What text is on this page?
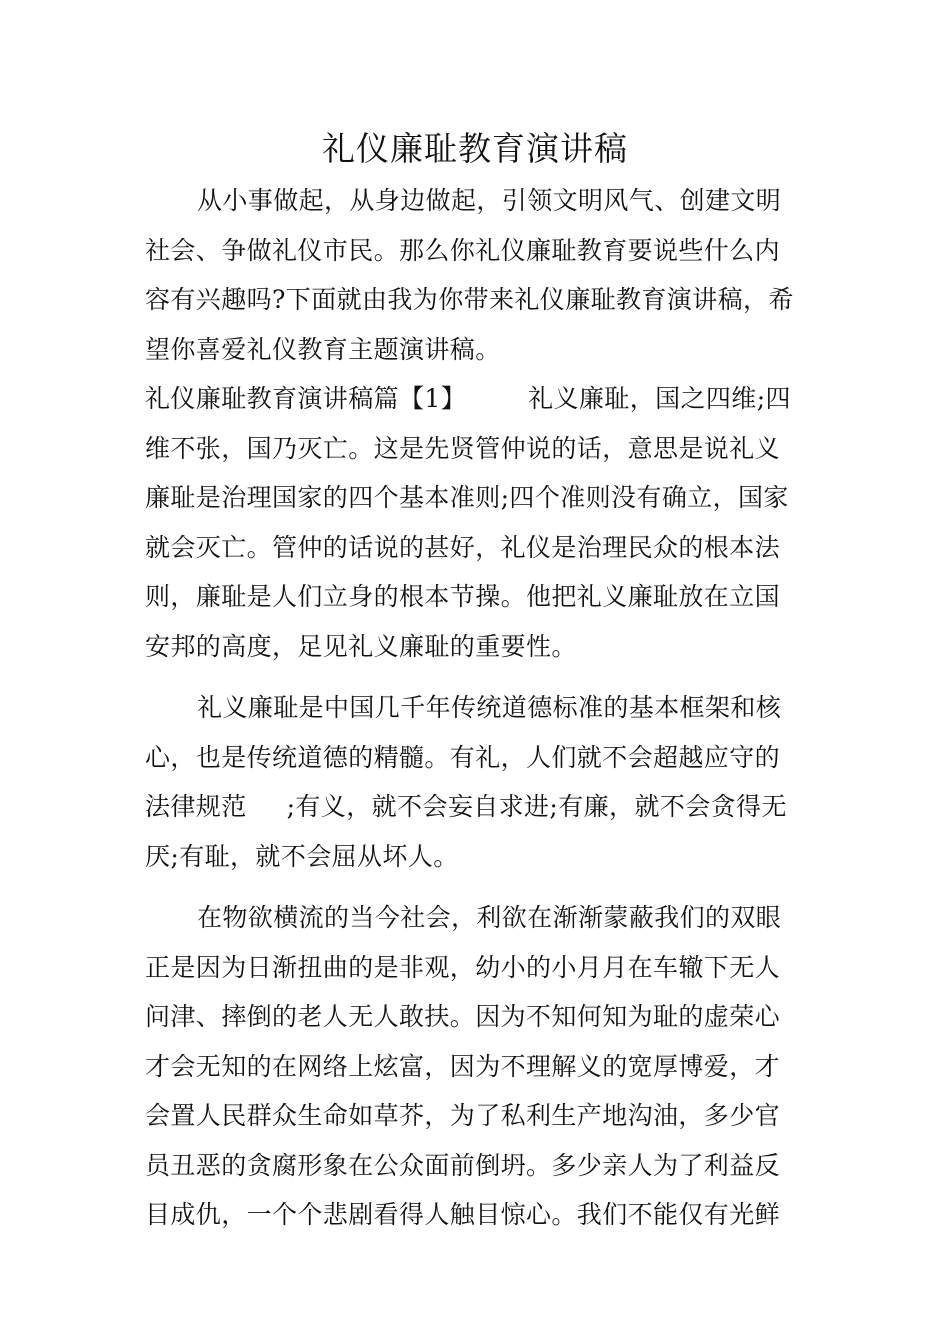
礼仪廉耻教育演讲稿
从小事做起，从身边做起，引领文明风气、创建文明
社会、争做礼仪市民。那么你礼仪廉耻教育要说些什么内
容有兴趣吗?下面就由我为你带来礼仪廉耻教育演讲稿，希
望你喜爱礼仪教育主题演讲稿。
礼仪廉耻教育演讲稿篇【1】 礼义廉耻，国之四维;四
维不张，国乃灭亡。这是先贤管仲说的话，意思是说礼义
廉耻是治理国家的四个基本准则;四个准则没有确立，国家
就会灭亡。管仲的话说的甚好，礼仪是治理民众的根本法
则，廉耻是人们立身的根本节操。他把礼义廉耻放在立国
安邦的高度，足见礼义廉耻的重要性。
礼义廉耻是中国几千年传统道德标准的基本框架和核
心，也是传统道德的精髓。有礼，人们就不会超越应守的
法律规范 ;有义，就不会妄自求进;有廉，就不会贪得无
厌;有耻，就不会屈从坏人。
在物欲横流的当今社会，利欲在渐渐蒙蔽我们的双眼
正是因为日渐扭曲的是非观，幼小的小月月在车辙下无人
问津、摔倒的老人无人敢扶。因为不知何知为耻的虚荣心
才会无知的在网络上炫富，因为不理解义的宽厚博爱，才
会置人民群众生命如草芥，为了私利生产地沟油，多少官
员丑恶的贪腐形象在公众面前倒坍。多少亲人为了利益反
目成仇，一个个悲剧看得人触目惊心。我们不能仅有光鲜
